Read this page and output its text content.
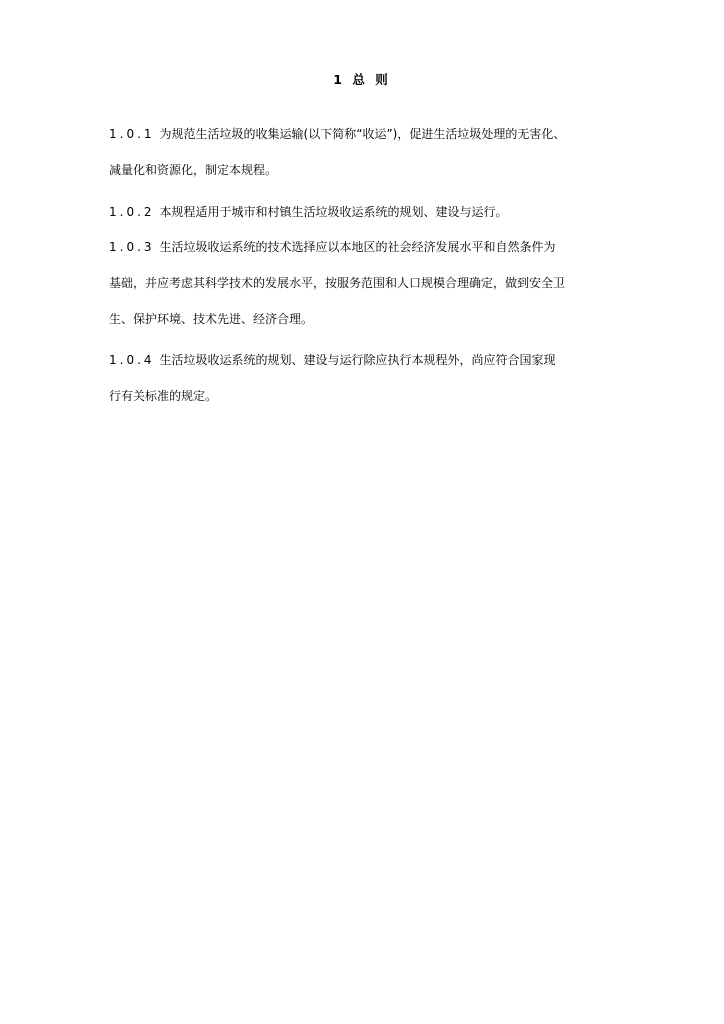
1 总 则
1.0.1 为规范生活垃圾的收集运输(以下简称“收运”)，促进生活垃圾处理的无害化、
减量化和资源化，制定本规程。
1.0.2 本规程适用于城市和村镇生活垃圾收运系统的规划、建设与运行。
1.0.3 生活垃圾收运系统的技术选择应以本地区的社会经济发展水平和自然条件为
基础，并应考虑其科学技术的发展水平，按服务范围和人口规模合理确定，做到安全卫
生、保护环境、技术先进、经济合理。
1.0.4 生活垃圾收运系统的规划、建设与运行除应执行本规程外，尚应符合国家现
行有关标准的规定。
